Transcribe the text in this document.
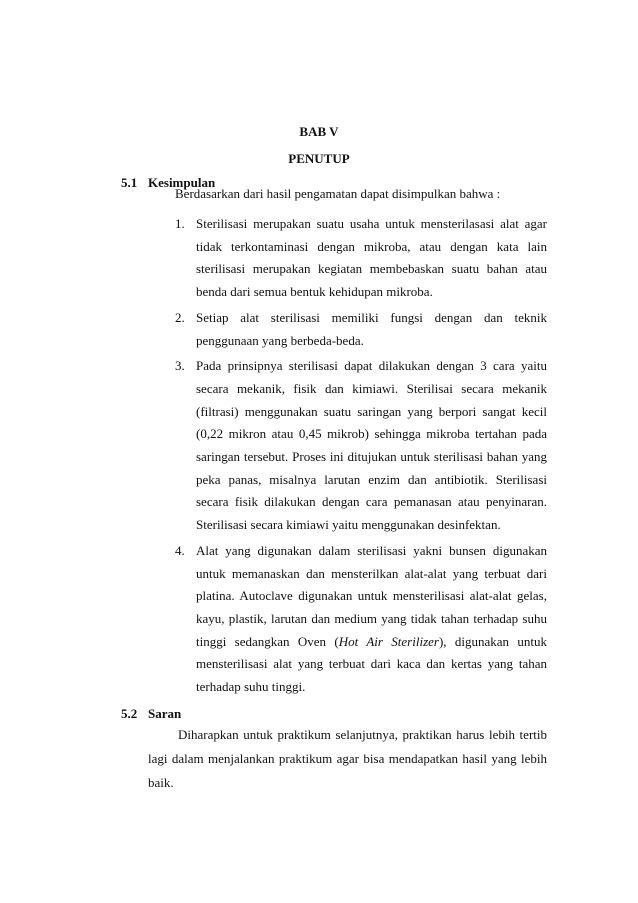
BAB V
PENUTUP
5.1 Kesimpulan
Berdasarkan dari hasil pengamatan dapat disimpulkan bahwa :
1. Sterilisasi merupakan suatu usaha untuk mensterilasasi alat agar tidak terkontaminasi dengan mikroba, atau dengan kata lain sterilisasi merupakan kegiatan membebaskan suatu bahan atau benda dari semua bentuk kehidupan mikroba.
2. Setiap alat sterilisasi memiliki fungsi dengan dan teknik penggunaan yang berbeda-beda.
3. Pada prinsipnya sterilisasi dapat dilakukan dengan 3 cara yaitu secara mekanik, fisik dan kimiawi. Sterilisai secara mekanik (filtrasi) menggunakan suatu saringan yang berpori sangat kecil (0,22 mikron atau 0,45 mikrob) sehingga mikroba tertahan pada saringan tersebut. Proses ini ditujukan untuk sterilisasi bahan yang peka panas, misalnya larutan enzim dan antibiotik. Sterilisasi secara fisik dilakukan dengan cara pemanasan atau penyinaran. Sterilisasi secara kimiawi yaitu menggunakan desinfektan.
4. Alat yang digunakan dalam sterilisasi yakni bunsen digunakan untuk memanaskan dan mensterilkan alat-alat yang terbuat dari platina. Autoclave digunakan untuk mensterilisasi alat-alat gelas, kayu, plastik, larutan dan medium yang tidak tahan terhadap suhu tinggi sedangkan Oven (Hot Air Sterilizer), digunakan untuk mensterilisasi alat yang terbuat dari kaca dan kertas yang tahan terhadap suhu tinggi.
5.2 Saran
Diharapkan untuk praktikum selanjutnya, praktikan harus lebih tertib lagi dalam menjalankan praktikum agar bisa mendapatkan hasil yang lebih baik.
